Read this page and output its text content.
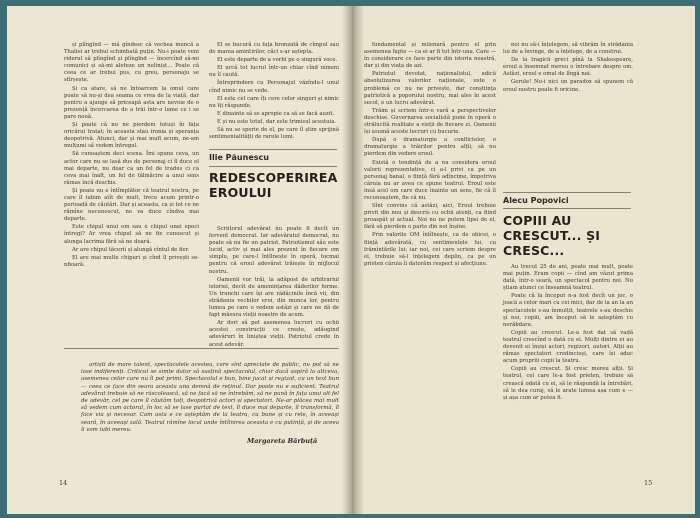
și plînglnd — mă gîndesc că vechea muncă a Thaliei ar trebui schimbată puțin. Nu-i poate veni riderul să plîngînd și plînglnd — încercînd să-mi comunici și să-mi aleteze un nelinișt... Poate că ceea ce ar trebui pus, cu greu, personaju se sfîrșește.

Și ca atare, să ne întoarcem la omul care poate să nu-și dea seama ce vrea de la viață, dar pentru a ajunge să priceapă asta are nevoie de o prezență încercarea de a trăi într-o lume ce i se pare nouă.

Și poate că nu ne pierdem totuși în fața oricărui tratat; în aceasta stau ironia și speranța deopotrivă. Atunci, dar și mai mult acum, ne-am mulțumi să vedem întregul.

Să cunoaștem deci scena. Îmi spune ceva, un actor care nu se lasă dus de personaj ci îl duce el mai departe, nu doar ca un fel de tradus ci ca ceva mai înalt, un fel de tălmăcire a unui sens rămas încă deschis.

Și poate nu e întîmplător că teatrul nostru, pe care îl iubim atît de mult, trece acum printr-o perioadă de căutări. Dar și aceasta, ca și tot ce ne rămîne necunoscut, ne va duce cîndva mai departe.

Este chipul unui om sau e chipul unei epoci întregi? Ar vrea chipul să ne fie cunoscut și alunga lacrima fără să ne doară.

Ar are chipul tăcerii și alungă cîntul de fier.

El are mai multe chipuri și cînd îl privești se-nfioară.

El se bucură cu fața bronzată de cîmpul sau de marea amintirilor, căci s-ar aștepta.

El este departe de a vorbi pe o singură voce.

El urcă tot lucrul într-un chiar cînd nimeni nu îl caută.

Întreprindere cu Personajul văzîndu-l unul cînd nimic nu se vede.

El este cel care îți cere celor singuri și nimic nu îți răspunde.

E dinainte să se apropie ca să se facă auzit.

E și nu este totul, dar este trimisul acestuia.

Să nu se sperie de el, pe care îl știm sprijină sentimentalității de rarele lumi.

Ilie Păunescu
REDESCOPERIREA EROULUI

Scriitorul adevărat nu poate fi decît un fervent democrat. Iar adevăratul democrat, nu poate să nu fie un patriot. Patriotismul său este lucid, activ și mai ales prezent în fiecare om simplu, pe care-l întîlnește în operă, tocmai pentru că eroul adevărat trăiește în mijlocul nostru.

Oamenii vor trăi, la adăpost de arbitrariul istoriei, decît de amenințarea dăderilor forme. Un trunchi care își are rădăcinile încă vii, din strădania vechilor eroi, din munca lor, pentru lumea pe care o vedem astăzi și care ne dă de fapt măsura vieții noastre de acum.

Ar dori să pot asemenea lucruri cu ochii acestei construcții ce crește, adăugind adevăruri în liniștea vieții. Patriotul crede în acest adevăr.

artiști de mare talent, spectacolele acestea, care sînt apreciate de public, nu pot să ne lase indiferenți. Criticul se simte dator să susțină spectacolul, chiar dacă aspiră la altceva, asemenea celor care nu îl pot primi. Spectacolul e bun, bine jucat și regizat, cu un text bun — ceea ce face din seara aceasta una demnă de reținut. Dar poate nu e suficient. Teatrul adevărat trebuie să ne răscolească, să ne facă să ne întrebăm, să ne pună în fața unui alt fel de adevăr, cel pe care îl căutăm toți, deopotrivă actori și spectatori. Ne-ar plăcea mai mult să vedem cum actorul, în loc să se lase purtat de text, îl duce mai departe, îl transformă, îl face viu și necesar. Cam asta e ce așteptăm de la teatru, cu bune și cu rele, în aceeași seară, în aceeași sală. Teatrul rămîne locul unde întîlnirea aceasta e cu putință, și de aceea îl vom iubi mereu.

Margareta Bărbuță
14

fundamental și milenară pentru el prin asemenea fapte — ca ei ar fi tot într-una. Care — în considerare ce face parte din istoria noastră, dar și din viața de azi.

Patriotul devotat, naționalistul, adică absolutizarea valorilor naționale, este o problemă ce nu ne privește, dar conștiința patriotică a poporului nostru, mai ales în acest secol, e un lucru adevărat.

Trăim și scriem într-o vară a perspectivelor deschise. Guvernarea socialistă pune în operă o strălucită realitate a vieții de fiecare zi. Oamenii își asumă aceste lucruri cu bucurie.

După o dramaturgie a conflictelor, o dramaturgie a trăirilor pentru alții, să nu pierdem din vedere eroul.

Există o tendință de a nu considera eroul valorii reprezentative, ci a-l privi ca pe un personaj banal, o ființă fără adîncime, împotriva căruia nu ar avea ce spune teatrul. Eroul este însă acel om care duce înainte un sens, fie că îl recunoaștem, fie că nu.

Sînt convins că astăzi, aici, Eroul trebuie privit din nou și descris cu ochii atenți, ca fiind proaspăt și actual. Noi nu ne putem lipsi de el, fără să pierdem o parte din noi înșine.

Prin valorile OM întîlnește, ca de obicei, o ființă adevărată, cu sentimentele lui, cu frămîntările lui; iar noi, cei care scriem despre el, trebuie să-l înțelegem deplin, ca pe un prieten căruia îi datorăm respect și afecțiune.

noi nu să-i înțelegem, să vibrăm în strădania lui de a învinge, de a înțelege, de a construi.

De la tragicii greci pînă la Shakespeare, eroul a însemnat mereu o întrebare despre om. Astăzi, eroul e omul de lîngă noi.

Gerule! Nu-i nici un paradox să spunem că eroul nostru poate fi oricine.

Alecu Popovici
COPIII AU CRESCUT... ȘI CRESC...

Au trecut 25 de ani, poate mai mult, poate mai puțin. Eram copii — cînd am văzut prima dată, într-o seară, un spectacol pentru noi. Nu știam atunci ce înseamnă teatrul.

Poate că la început n-a fost decît un joc, o joacă a celor mari cu cei mici, dar de la an la an spectacolele s-au înmulțit, teatrele s-au deschis și noi, copiii, am început să le așteptăm cu nerăbdare.

Copiii au crescut. Le-a fost dat să vadă teatrul crescînd o dată cu ei. Mulți dintre ei au devenit ei înșiși actori, regizori, autori. Alții au rămas spectatori credincioși, care își aduc acum propriii copii la teatru.

Copiii au crescut. Și cresc mereu alții. Și teatrul, cel care le-a fost prieten, trebuie să crească odată cu ei, să le răspundă la întrebări, să le dea curaj, să le arate lumea așa cum e — și așa cum ar putea fi.

15
